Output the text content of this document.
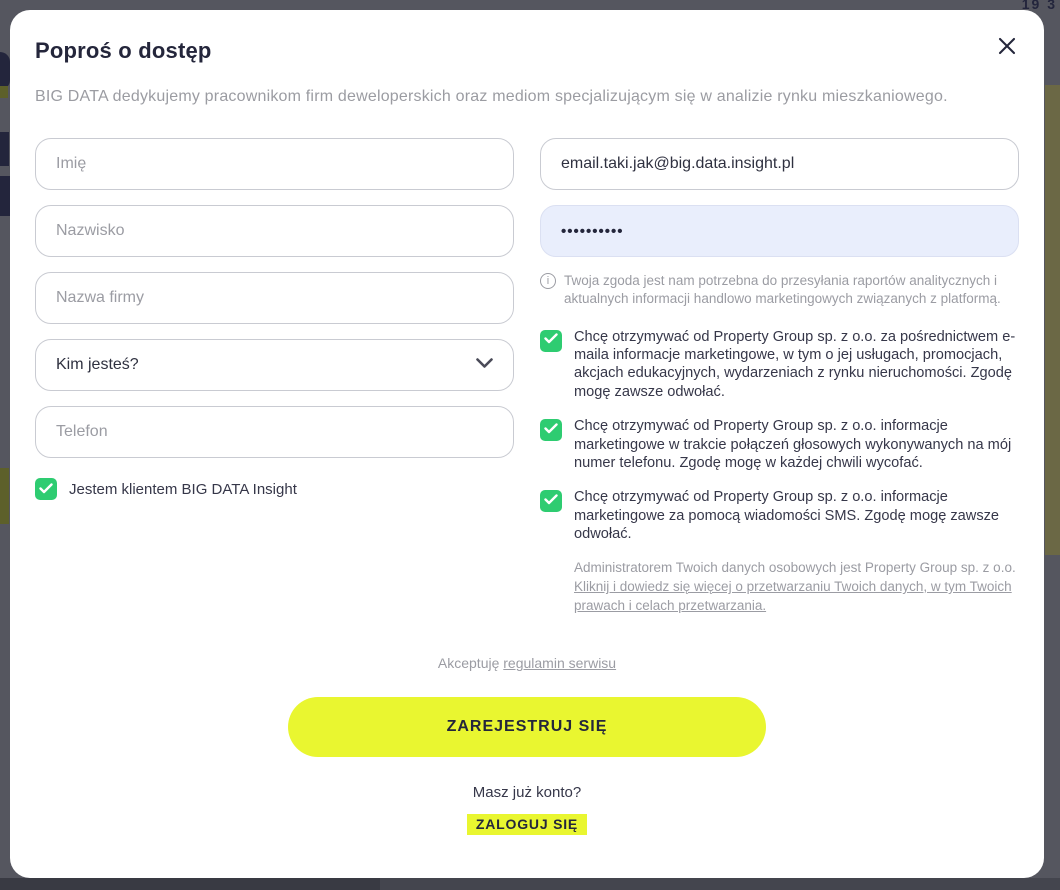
19 3
Poproś o dostęp
BIG DATA dedykujemy pracownikom firm deweloperskich oraz mediom specjalizującym się w analizie rynku mieszkaniowego.
Imię
Nazwisko
Nazwa firmy
Kim jesteś?
Telefon
Jestem klientem BIG DATA Insight
email.taki.jak@big.data.insight.pl
••••••••••
i	Twoja zgoda jest nam potrzebna do przesyłania raportów analitycznych i aktualnych informacji handlowo marketingowych związanych z platformą.
Chcę otrzymywać od Property Group sp. z o.o. za pośrednictwem e-maila informacje marketingowe, w tym o jej usługach, promocjach, akcjach edukacyjnych, wydarzeniach z rynku nieruchomości. Zgodę mogę zawsze odwołać.
Chcę otrzymywać od Property Group sp. z o.o. informacje marketingowe w trakcie połączeń głosowych wykonywanych na mój numer telefonu. Zgodę mogę w każdej chwili wycofać.
Chcę otrzymywać od Property Group sp. z o.o. informacje marketingowe za pomocą wiadomości SMS. Zgodę mogę zawsze odwołać.
Administratorem Twoich danych osobowych jest Property Group sp. z o.o. Kliknij i dowiedz się więcej o przetwarzaniu Twoich danych, w tym Twoich prawach i celach przetwarzania.
Akceptuję regulamin serwisu
ZAREJESTRUJ SIĘ
Masz już konto?
ZALOGUJ SIĘ
